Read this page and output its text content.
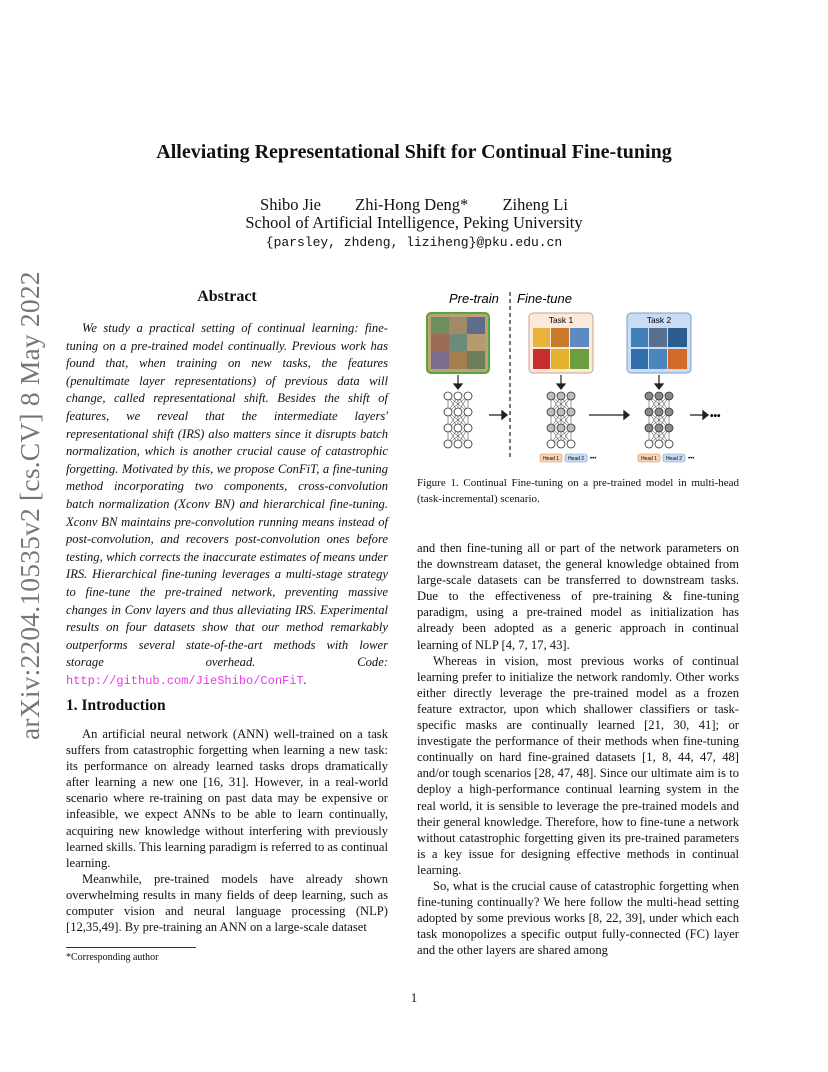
arXiv:2204.10535v2 [cs.CV] 8 May 2022
Alleviating Representational Shift for Continual Fine-tuning
Shibo Jie Zhi-Hong Deng* Ziheng Li
School of Artificial Intelligence, Peking University
{parsley, zhdeng, liziheng}@pku.edu.cn
Abstract
We study a practical setting of continual learning: fine-tuning on a pre-trained model continually. Previous work has found that, when training on new tasks, the features (penultimate layer representations) of previous data will change, called representational shift. Besides the shift of features, we reveal that the intermediate layers' representational shift (IRS) also matters since it disrupts batch normalization, which is another crucial cause of catastrophic forgetting. Motivated by this, we propose ConFiT, a fine-tuning method incorporating two components, cross-convolution batch normalization (Xconv BN) and hierarchical fine-tuning. Xconv BN maintains pre-convolution running means instead of post-convolution, and recovers post-convolution ones before testing, which corrects the inaccurate estimates of means under IRS. Hierarchical fine-tuning leverages a multi-stage strategy to fine-tune the pre-trained network, preventing massive changes in Conv layers and thus alleviating IRS. Experimental results on four datasets show that our method remarkably outperforms several state-of-the-art methods with lower storage overhead. Code: http://github.com/JieShibo/ConFiT.
1. Introduction

An artificial neural network (ANN) well-trained on a task suffers from catastrophic forgetting when learning a new task: its performance on already learned tasks drops dramatically after learning a new one [16, 31]. However, in a real-world scenario where re-training on past data may be expensive or infeasible, we expect ANNs to be able to learn continually, acquiring new knowledge without interfering with previously learned skills. This learning paradigm is referred to as continual learning.

Meanwhile, pre-trained models have already shown overwhelming results in many fields of deep learning, such as computer vision and neural language processing (NLP) [12,35,49]. By pre-training an ANN on a large-scale dataset

*Corresponding author
Pre-train Fine-tune
Task 1	Task 2
•••
Head 1 Head 2 •••	Head 1 Head 2 •••
Figure 1. Continual Fine-tuning on a pre-trained model in multi-head (task-incremental) scenario.

and then fine-tuning all or part of the network parameters on the downstream dataset, the general knowledge obtained from large-scale datasets can be transferred to downstream tasks. Due to the effectiveness of pre-training & fine-tuning paradigm, using a pre-trained model as initialization has already been adopted as a generic approach in continual learning of NLP [4, 7, 17, 43].

Whereas in vision, most previous works of continual learning prefer to initialize the network randomly. Other works either directly leverage the pre-trained model as a frozen feature extractor, upon which shallower classifiers or task-specific masks are continually learned [21, 30, 41]; or investigate the performance of their methods when fine-tuning continually on hard fine-grained datasets [1, 8, 44, 47, 48] and/or tough scenarios [28, 47, 48]. Since our ultimate aim is to deploy a high-performance continual learning system in the real world, it is sensible to leverage the pre-trained models and their general knowledge. Therefore, how to fine-tune a network without catastrophic forgetting given its pre-trained parameters is a key issue for designing effective methods in continual learning.

So, what is the crucial cause of catastrophic forgetting when fine-tuning continually? We here follow the multi-head setting adopted by some previous works [8, 22, 39], under which each task monopolizes a specific output fully-connected (FC) layer and the other layers are shared among

1
